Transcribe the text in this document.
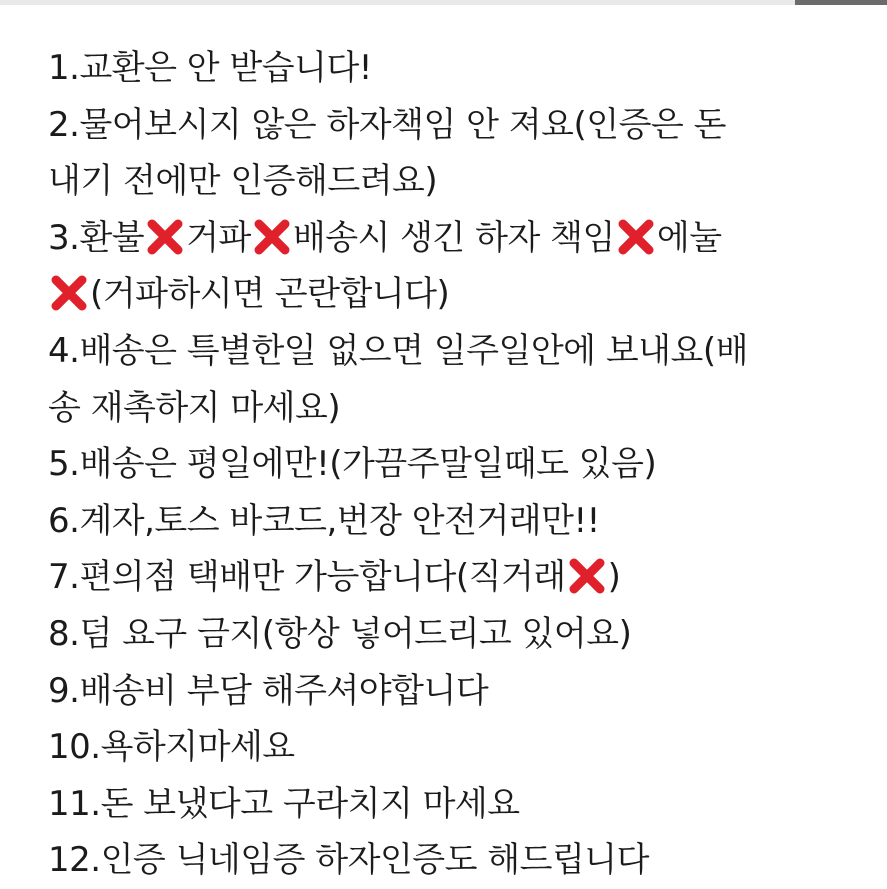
1.교환은 안 받습니다!
2.물어보시지 않은 하자책임 안 져요(인증은 돈
내기 전에만 인증해드려요)
3.환불 거파 배송시 생긴 하자 책임 에눌
(거파하시면 곤란합니다)
4.배송은 특별한일 없으면 일주일안에 보내요(배
송 재촉하지 마세요)
5.배송은 평일에만!(가끔주말일때도 있음)
6.계자,토스 바코드,번장 안전거래만!!
7.편의점 택배만 가능합니다(직거래 )
8.덤 요구 금지(항상 넣어드리고 있어요)
9.배송비 부담 해주셔야합니다
10.욕하지마세요
11.돈 보냈다고 구라치지 마세요
12.인증 닉네임증 하자인증도 해드립니다
